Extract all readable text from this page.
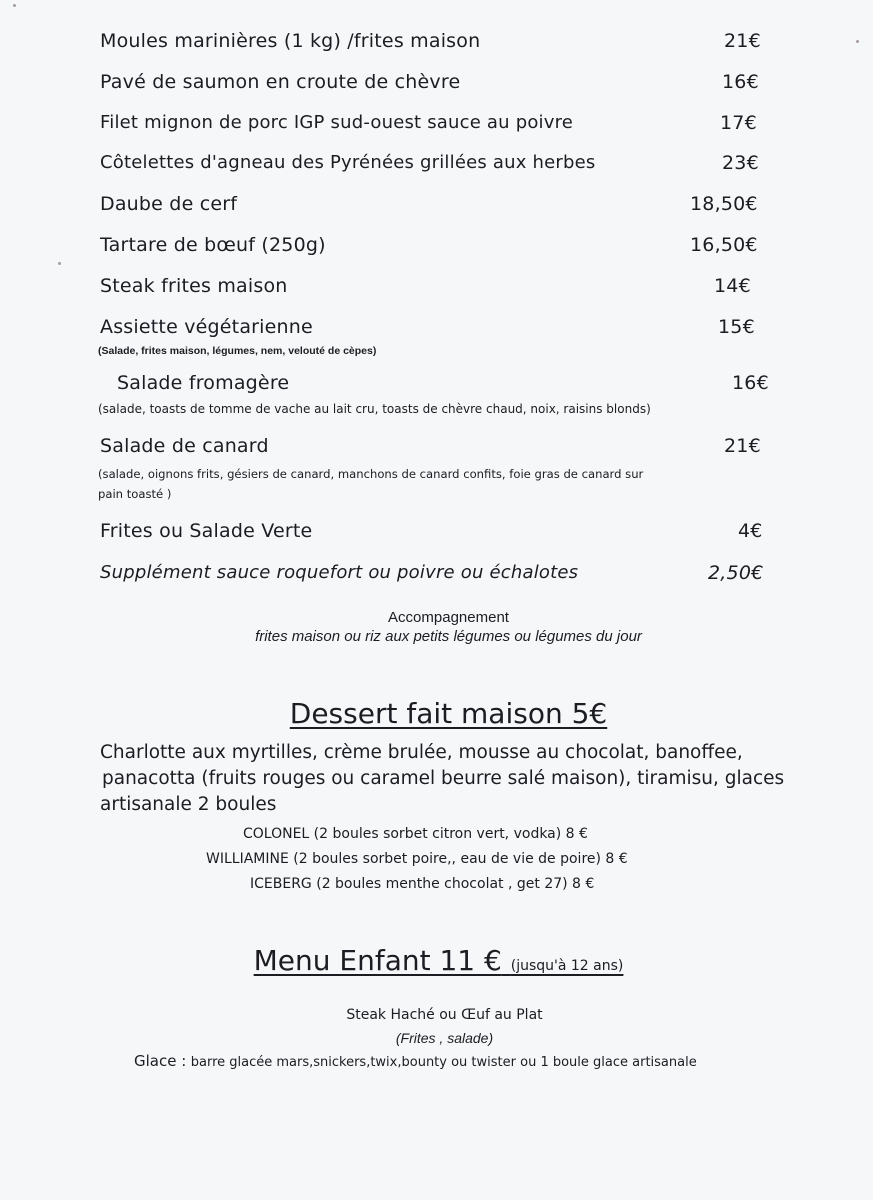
Moules marinières (1 kg) /frites maison	21€
Pavé de saumon en croute de chèvre	16€
Filet mignon de porc IGP sud-ouest sauce au poivre	17€
Côtelettes d'agneau des Pyrénées grillées aux herbes	23€
Daube de cerf	18,50€
Tartare de bœuf (250g)	16,50€
Steak frites maison	14€
Assiette végétarienne	15€
(Salade, frites maison, légumes, nem, velouté de cèpes)
Salade fromagère	16€
(salade, toasts de tomme de vache au lait cru, toasts de chèvre chaud, noix, raisins blonds)
Salade de canard	21€
(salade, oignons frits, gésiers de canard, manchons de canard confits, foie gras de canard sur
pain toasté )
Frites ou Salade Verte	4€
Supplément sauce roquefort ou poivre ou échalotes	2,50€
Accompagnement
frites maison ou riz aux petits légumes ou légumes du jour
Dessert fait maison 5€
Charlotte aux myrtilles, crème brulée, mousse au chocolat, banoffee,
panacotta (fruits rouges ou caramel beurre salé maison), tiramisu, glaces
artisanale 2 boules
COLONEL (2 boules sorbet citron vert, vodka) 8 €
WILLIAMINE (2 boules sorbet poire,, eau de vie de poire) 8 €
ICEBERG (2 boules menthe chocolat , get 27) 8 €
Menu Enfant 11 € (jusqu'à 12 ans)
Steak Haché ou Œuf au Plat
(Frites , salade)
Glace : barre glacée mars,snickers,twix,bounty ou twister ou 1 boule glace artisanale
